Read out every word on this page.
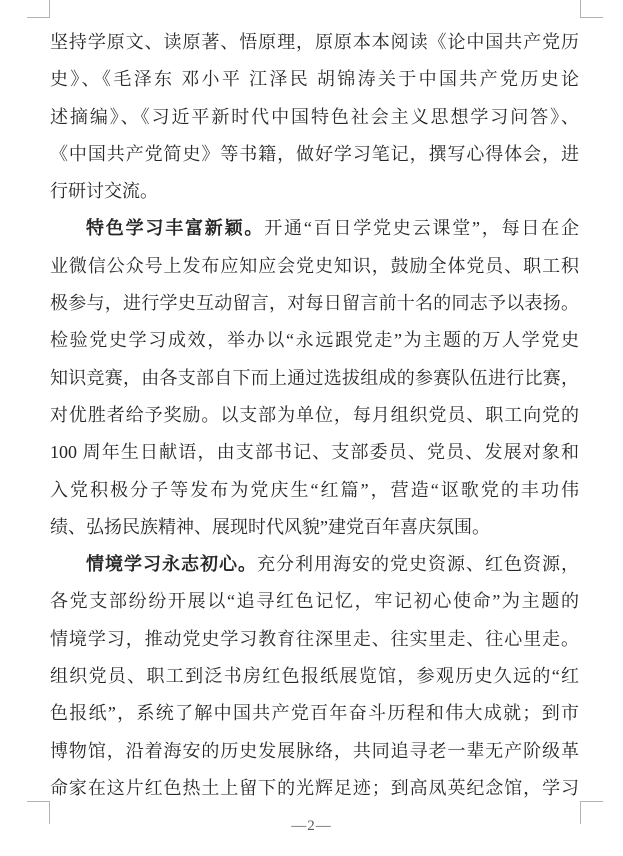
坚持学原文、读原著、悟原理，原原本本阅读《论中国共产党历
史》、《毛泽东 邓小平 江泽民 胡锦涛关于中国共产党历史论
述摘编》、《习近平新时代中国特色社会主义思想学习问答》、
《中国共产党简史》等书籍，做好学习笔记，撰写心得体会，进
行研讨交流。
特色学习丰富新颖。开通“百日学党史云课堂”，每日在企
业微信公众号上发布应知应会党史知识，鼓励全体党员、职工积
极参与，进行学史互动留言，对每日留言前十名的同志予以表扬。
检验党史学习成效，举办以“永远跟党走”为主题的万人学党史
知识竞赛，由各支部自下而上通过选拔组成的参赛队伍进行比赛，
对优胜者给予奖励。以支部为单位，每月组织党员、职工向党的
100 周年生日献语，由支部书记、支部委员、党员、发展对象和
入党积极分子等发布为党庆生“红篇”，营造“讴歌党的丰功伟
绩、弘扬民族精神、展现时代风貌”建党百年喜庆氛围。
情境学习永志初心。充分利用海安的党史资源、红色资源，
各党支部纷纷开展以“追寻红色记忆，牢记初心使命”为主题的
情境学习，推动党史学习教育往深里走、往实里走、往心里走。
组织党员、职工到泛书房红色报纸展览馆，参观历史久远的“红
色报纸”，系统了解中国共产党百年奋斗历程和伟大成就；到市
博物馆，沿着海安的历史发展脉络，共同追寻老一辈无产阶级革
命家在这片红色热土上留下的光辉足迹；到高凤英纪念馆，学习
—2—
